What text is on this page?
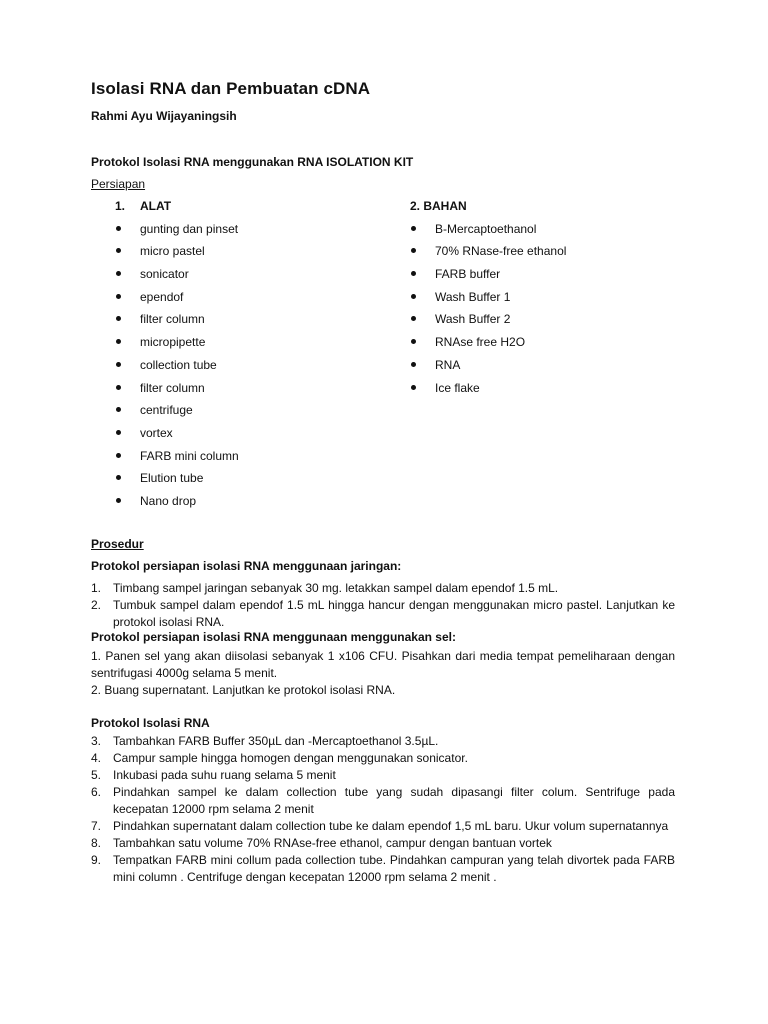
Isolasi RNA dan Pembuatan cDNA
Rahmi Ayu Wijayaningsih
Protokol Isolasi RNA menggunakan RNA ISOLATION KIT
Persiapan
1. ALAT
gunting dan pinset
micro pastel
sonicator
ependof
filter column
micropipette
collection tube
filter column
centrifuge
vortex
FARB mini column
Elution tube
Nano drop
2. BAHAN
B-Mercaptoethanol
70% RNase-free ethanol
FARB buffer
Wash Buffer 1
Wash Buffer 2
RNAse free H2O
RNA
Ice flake
Prosedur
Protokol persiapan isolasi RNA menggunaan jaringan:
1. Timbang sampel jaringan sebanyak 30 mg. letakkan sampel dalam ependof 1.5 mL.
2. Tumbuk sampel dalam ependof 1.5 mL hingga hancur dengan menggunakan micro pastel. Lanjutkan ke protokol isolasi RNA.
Protokol persiapan isolasi RNA menggunaan menggunakan sel:
1. Panen sel yang akan diisolasi sebanyak 1 x106 CFU. Pisahkan dari media tempat pemeliharaan dengan sentrifugasi 4000g selama 5 menit.
2. Buang supernatant. Lanjutkan ke protokol isolasi RNA.
Protokol Isolasi RNA
3. Tambahkan FARB Buffer 350µL dan -Mercaptoethanol 3.5µL.
4. Campur sample hingga homogen dengan menggunakan sonicator.
5. Inkubasi pada suhu ruang selama 5 menit
6. Pindahkan sampel ke dalam collection tube yang sudah dipasangi filter colum. Sentrifuge pada kecepatan 12000 rpm selama 2 menit
7. Pindahkan supernatant dalam collection tube ke dalam ependof 1,5 mL baru. Ukur volum supernatannya
8. Tambahkan satu volume 70% RNAse-free ethanol, campur dengan bantuan vortek
9. Tempatkan FARB mini collum pada collection tube. Pindahkan campuran yang telah divortek pada FARB mini column . Centrifuge dengan kecepatan 12000 rpm selama 2 menit .
